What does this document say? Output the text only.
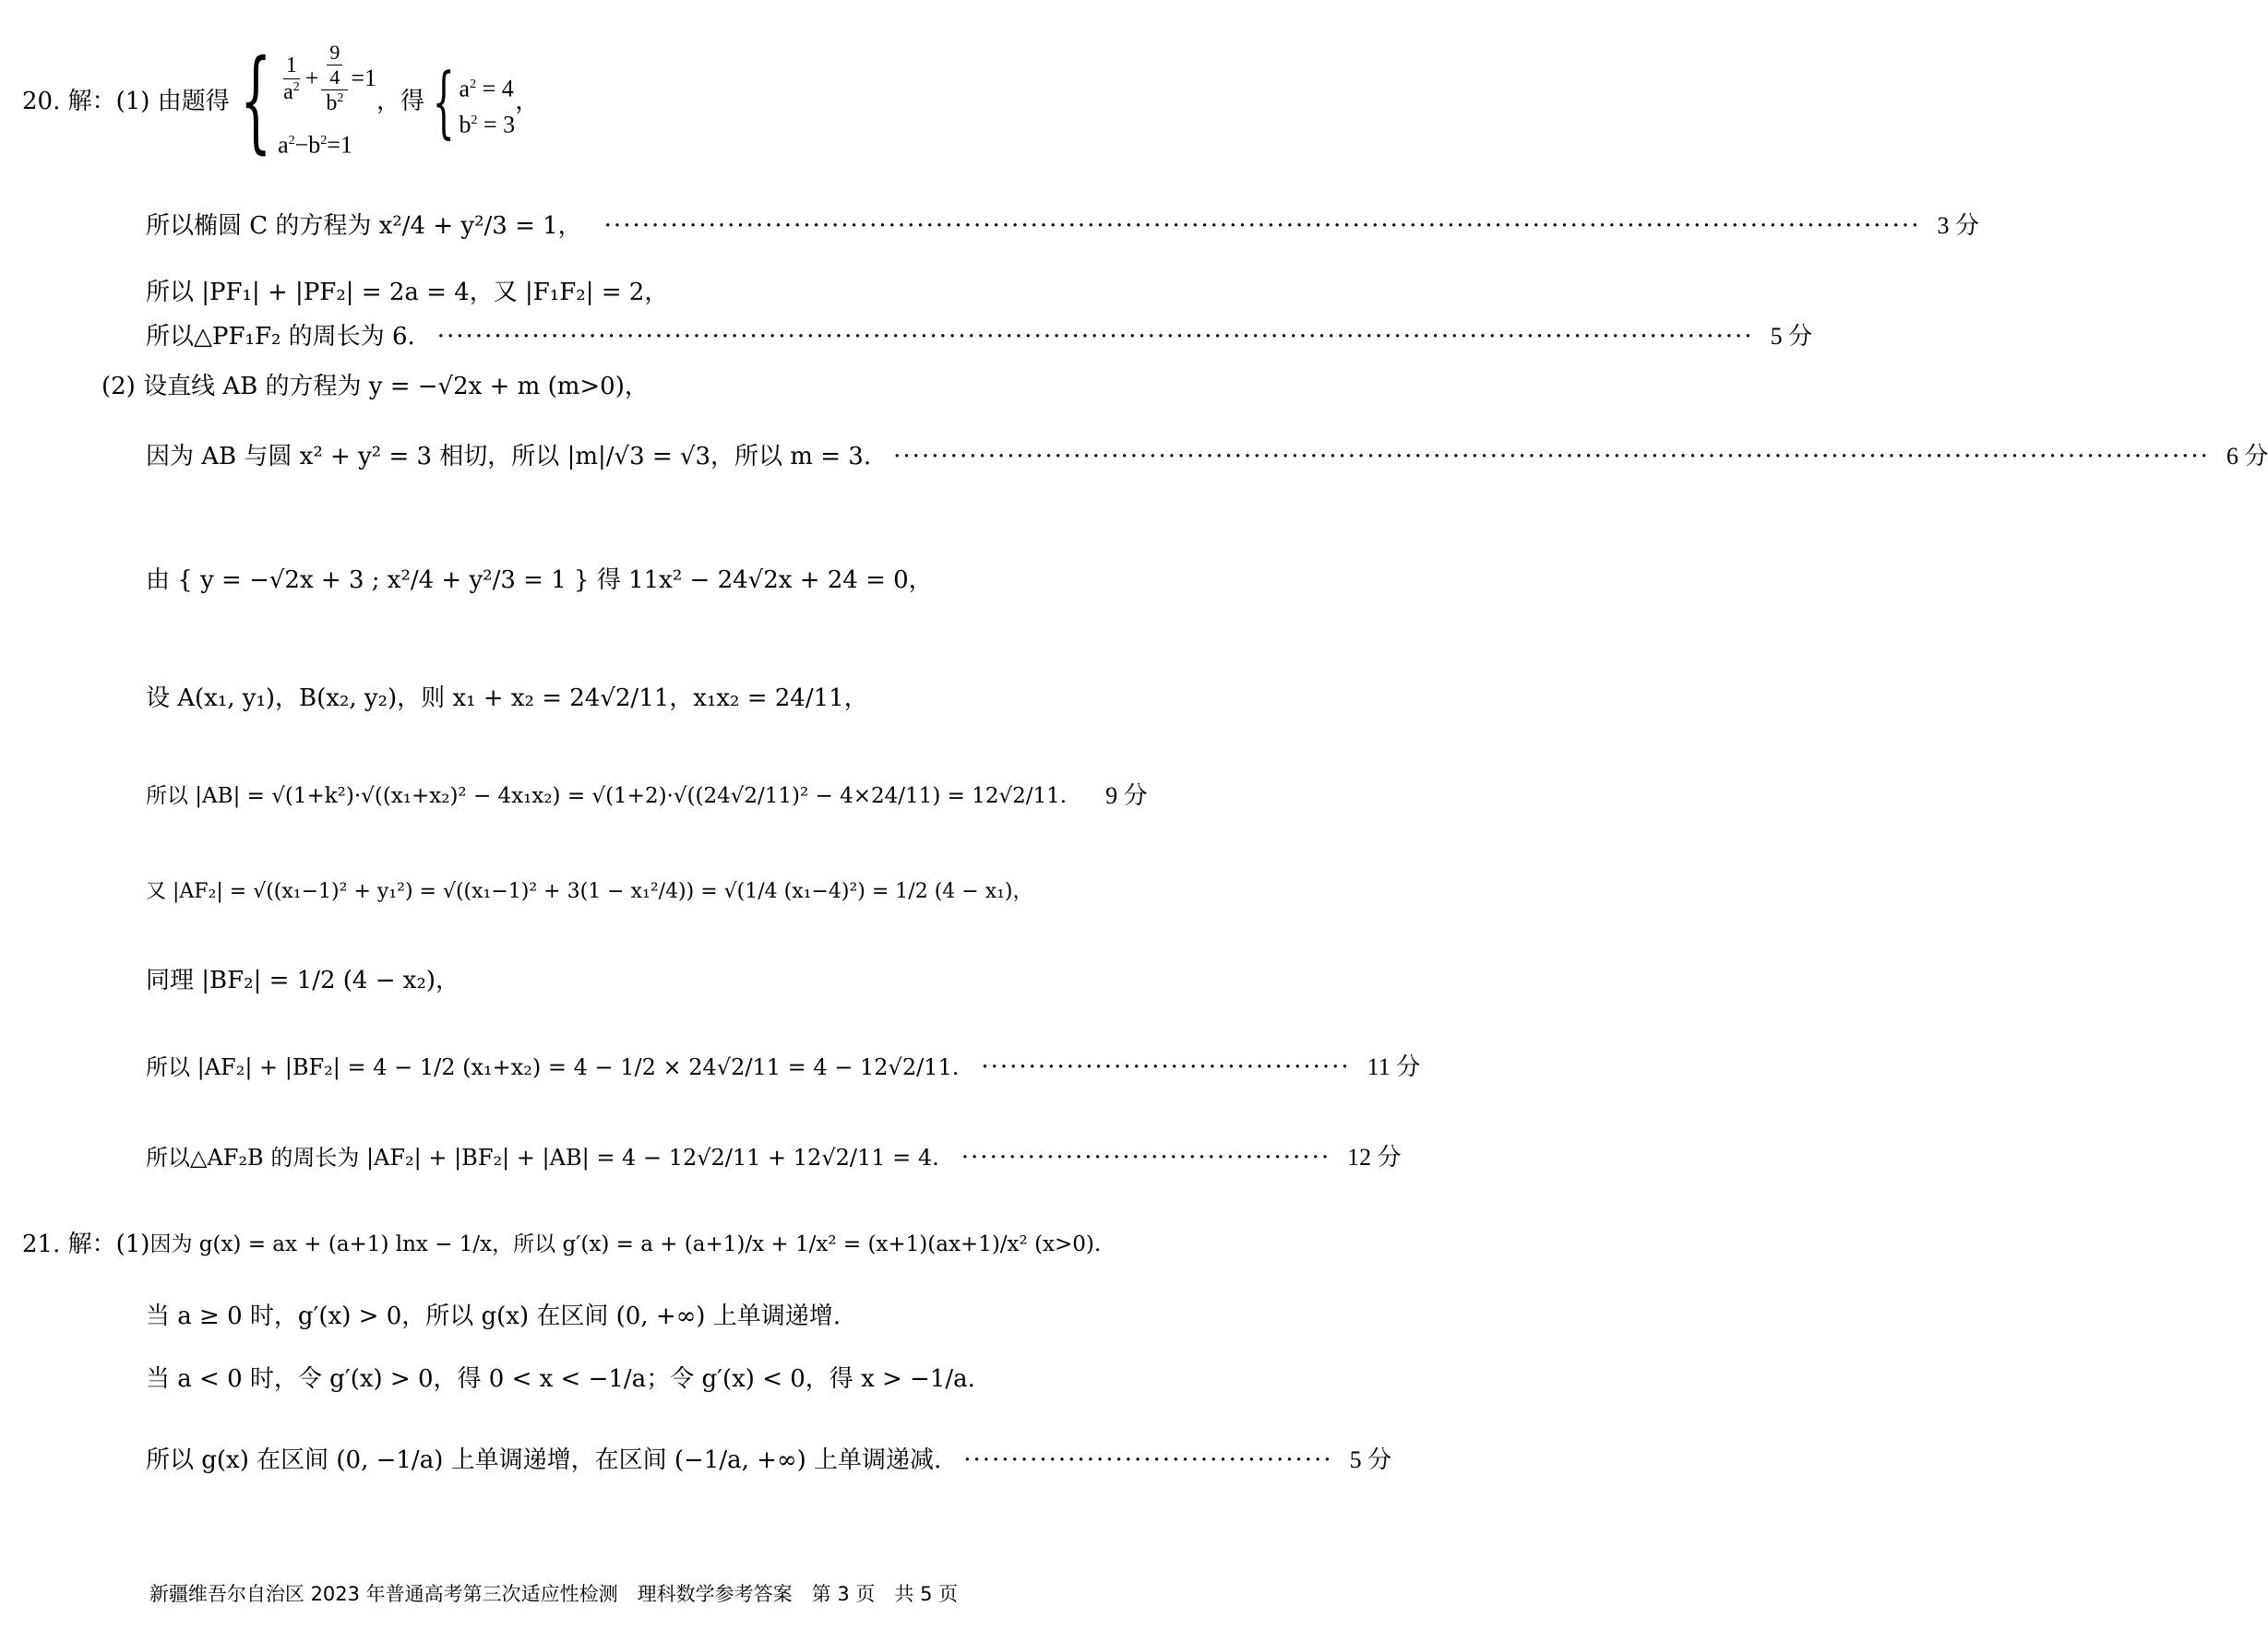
20. 解：(1) 由题得 { $\frac{1}{a^2} + \frac{\frac{9}{4}}{b^2} =1$
$a^2-b^2=1$
，得 { $a^2 = 4$
$b^2 = 3$
，
所以椭圆 C 的方程为 x²/4 + y²/3 = 1， ··········································································································································· 3 分
所以 |PF₁| + |PF₂| = 2a = 4，又 |F₁F₂| = 2，
所以△PF₁F₂ 的周长为 6. ··········································································································································· 5 分
(2) 设直线 AB 的方程为 y = −√2x + m (m>0)，
因为 AB 与圆 x² + y² = 3 相切，所以 |m|/√3 = √3，所以 m = 3. ··········································································································································· 6 分
由 { y = −√2x + 3 ; x²/4 + y²/3 = 1 } 得 11x² − 24√2x + 24 = 0，
设 A(x₁, y₁)，B(x₂, y₂)，则 x₁ + x₂ = 24√2/11，x₁x₂ = 24/11，
所以 |AB| = √(1+k²)·√((x₁+x₂)² − 4x₁x₂) = √(1+2)·√((24√2/11)² − 4×24/11) = 12√2/11. 9 分
又 |AF₂| = √((x₁−1)² + y₁²) = √((x₁−1)² + 3(1 − x₁²/4)) = √(1/4 (x₁−4)²) = 1/2 (4 − x₁)，
同理 |BF₂| = 1/2 (4 − x₂)，
所以 |AF₂| + |BF₂| = 4 − 1/2 (x₁+x₂) = 4 − 1/2 × 24√2/11 = 4 − 12√2/11. ······································· 11 分
所以△AF₂B 的周长为 |AF₂| + |BF₂| + |AB| = 4 − 12√2/11 + 12√2/11 = 4. ······································· 12 分
21. 解：(1) 因为 g(x) = ax + (a+1) lnx − 1/x，所以 g′(x) = a + (a+1)/x + 1/x² = (x+1)(ax+1)/x² (x>0).
当 a ≥ 0 时，g′(x) > 0，所以 g(x) 在区间 (0, +∞) 上单调递增.
当 a < 0 时，令 g′(x) > 0，得 0 < x < −1/a；令 g′(x) < 0，得 x > −1/a.
所以 g(x) 在区间 (0, −1/a) 上单调递增，在区间 (−1/a, +∞) 上单调递减. ······································· 5 分
新疆维吾尔自治区 2023 年普通高考第三次适应性检测　理科数学参考答案　第 3 页　共 5 页
